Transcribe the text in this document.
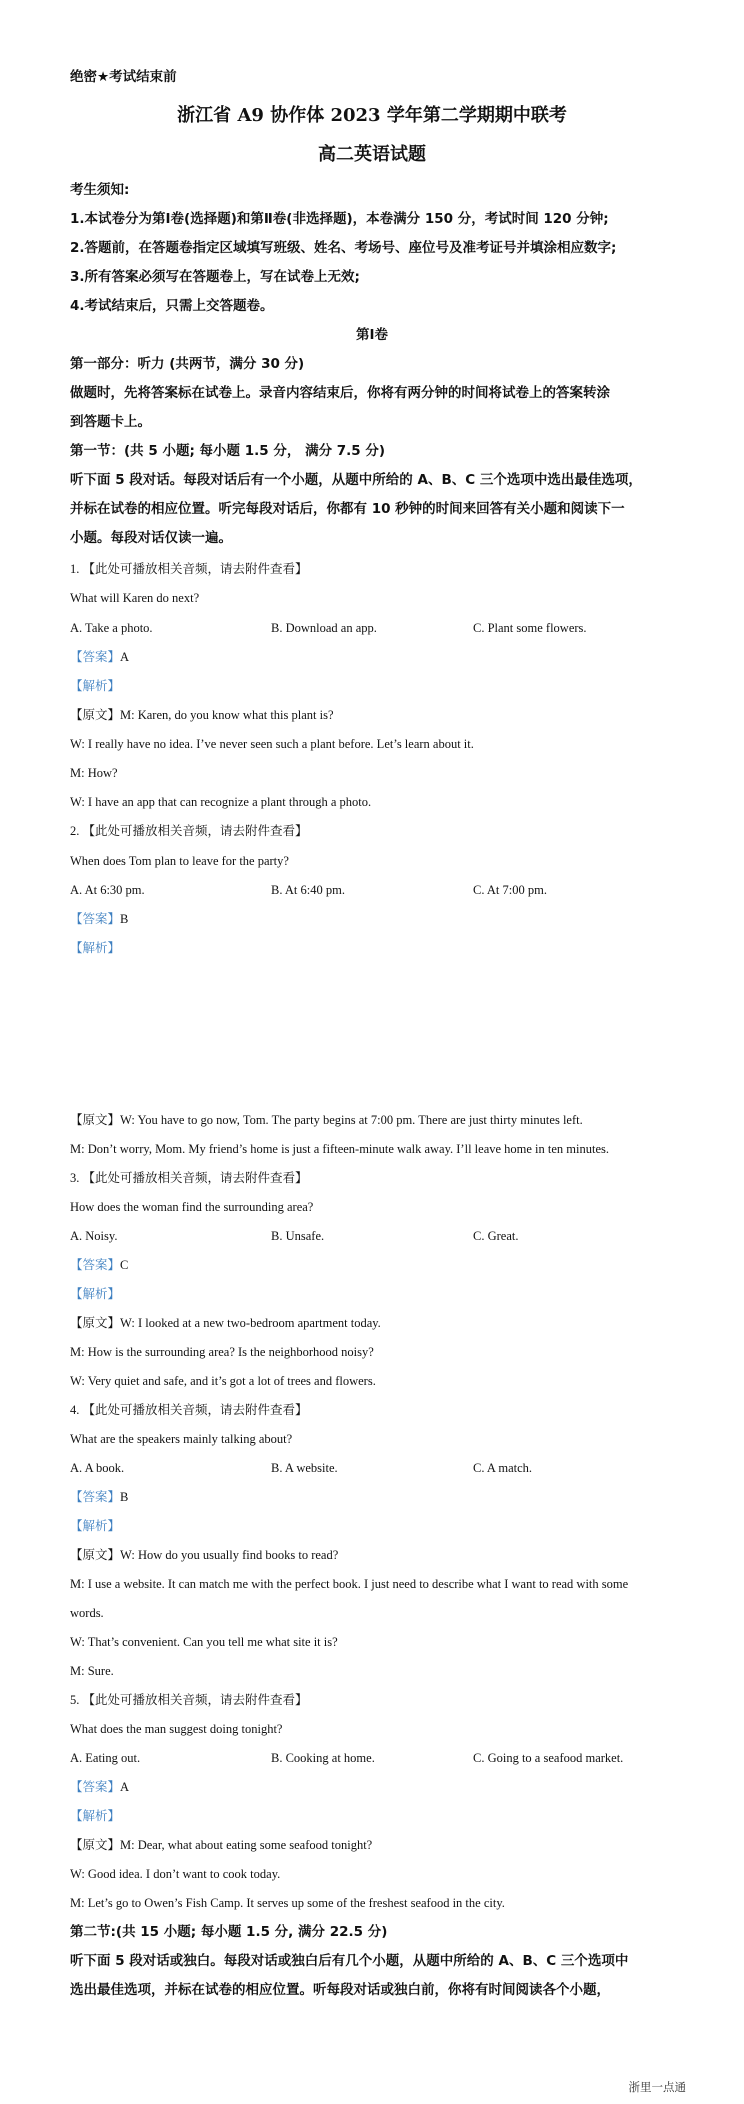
绝密★考试结束前
浙江省 A9 协作体 2023 学年第二学期期中联考
高二英语试题
考生须知:
1.本试卷分为第Ⅰ卷(选择题)和第Ⅱ卷(非选择题)，本卷满分 150 分，考试时间 120 分钟;
2.答题前，在答题卷指定区域填写班级、姓名、考场号、座位号及准考证号并填涂相应数字;
3.所有答案必须写在答题卷上，写在试卷上无效;
4.考试结束后，只需上交答题卷。
第Ⅰ卷
第一部分：听力 (共两节，满分 30 分)
做题时，先将答案标在试卷上。录音内容结束后，你将有两分钟的时间将试卷上的答案转涂
到答题卡上。
第一节：(共 5 小题; 每小题 1.5 分， 满分 7.5 分)
听下面 5 段对话。每段对话后有一个小题，从题中所给的 A、B、C 三个选项中选出最佳选项，
并标在试卷的相应位置。听完每段对话后，你都有 10 秒钟的时间来回答有关小题和阅读下一
小题。每段对话仅读一遍。
1. 【此处可播放相关音频，请去附件查看】
What will Karen do next?
A. Take a photo.	B. Download an app.	C. Plant some flowers.
【答案】A
【解析】
【原文】M: Karen, do you know what this plant is?
W: I really have no idea. I’ve never seen such a plant before. Let’s learn about it.
M: How?
W: I have an app that can recognize a plant through a photo.
2. 【此处可播放相关音频，请去附件查看】
When does Tom plan to leave for the party?
A. At 6:30 pm.	B. At 6:40 pm.	C. At 7:00 pm.
【答案】B
【解析】
【原文】W: You have to go now, Tom. The party begins at 7:00 pm. There are just thirty minutes left.
M: Don’t worry, Mom. My friend’s home is just a fifteen-minute walk away. I’ll leave home in ten minutes.
3. 【此处可播放相关音频，请去附件查看】
How does the woman find the surrounding area?
A. Noisy.	B. Unsafe.	C. Great.
【答案】C
【解析】
【原文】W: I looked at a new two-bedroom apartment today.
M: How is the surrounding area? Is the neighborhood noisy?
W: Very quiet and safe, and it’s got a lot of trees and flowers.
4. 【此处可播放相关音频，请去附件查看】
What are the speakers mainly talking about?
A. A book.	B. A website.	C. A match.
【答案】B
【解析】
【原文】W: How do you usually find books to read?
M: I use a website. It can match me with the perfect book. I just need to describe what I want to read with some
words.
W: That’s convenient. Can you tell me what site it is?
M: Sure.
5. 【此处可播放相关音频，请去附件查看】
What does the man suggest doing tonight?
A. Eating out.	B. Cooking at home.	C. Going to a seafood market.
【答案】A
【解析】
【原文】M: Dear, what about eating some seafood tonight?
W: Good idea. I don’t want to cook today.
M: Let’s go to Owen’s Fish Camp. It serves up some of the freshest seafood in the city.
第二节:(共 15 小题; 每小题 1.5 分, 满分 22.5 分)
听下面 5 段对话或独白。每段对话或独白后有几个小题，从题中所给的 A、B、C 三个选项中
选出最佳选项，并标在试卷的相应位置。听每段对话或独白前，你将有时间阅读各个小题，
浙里一点通
